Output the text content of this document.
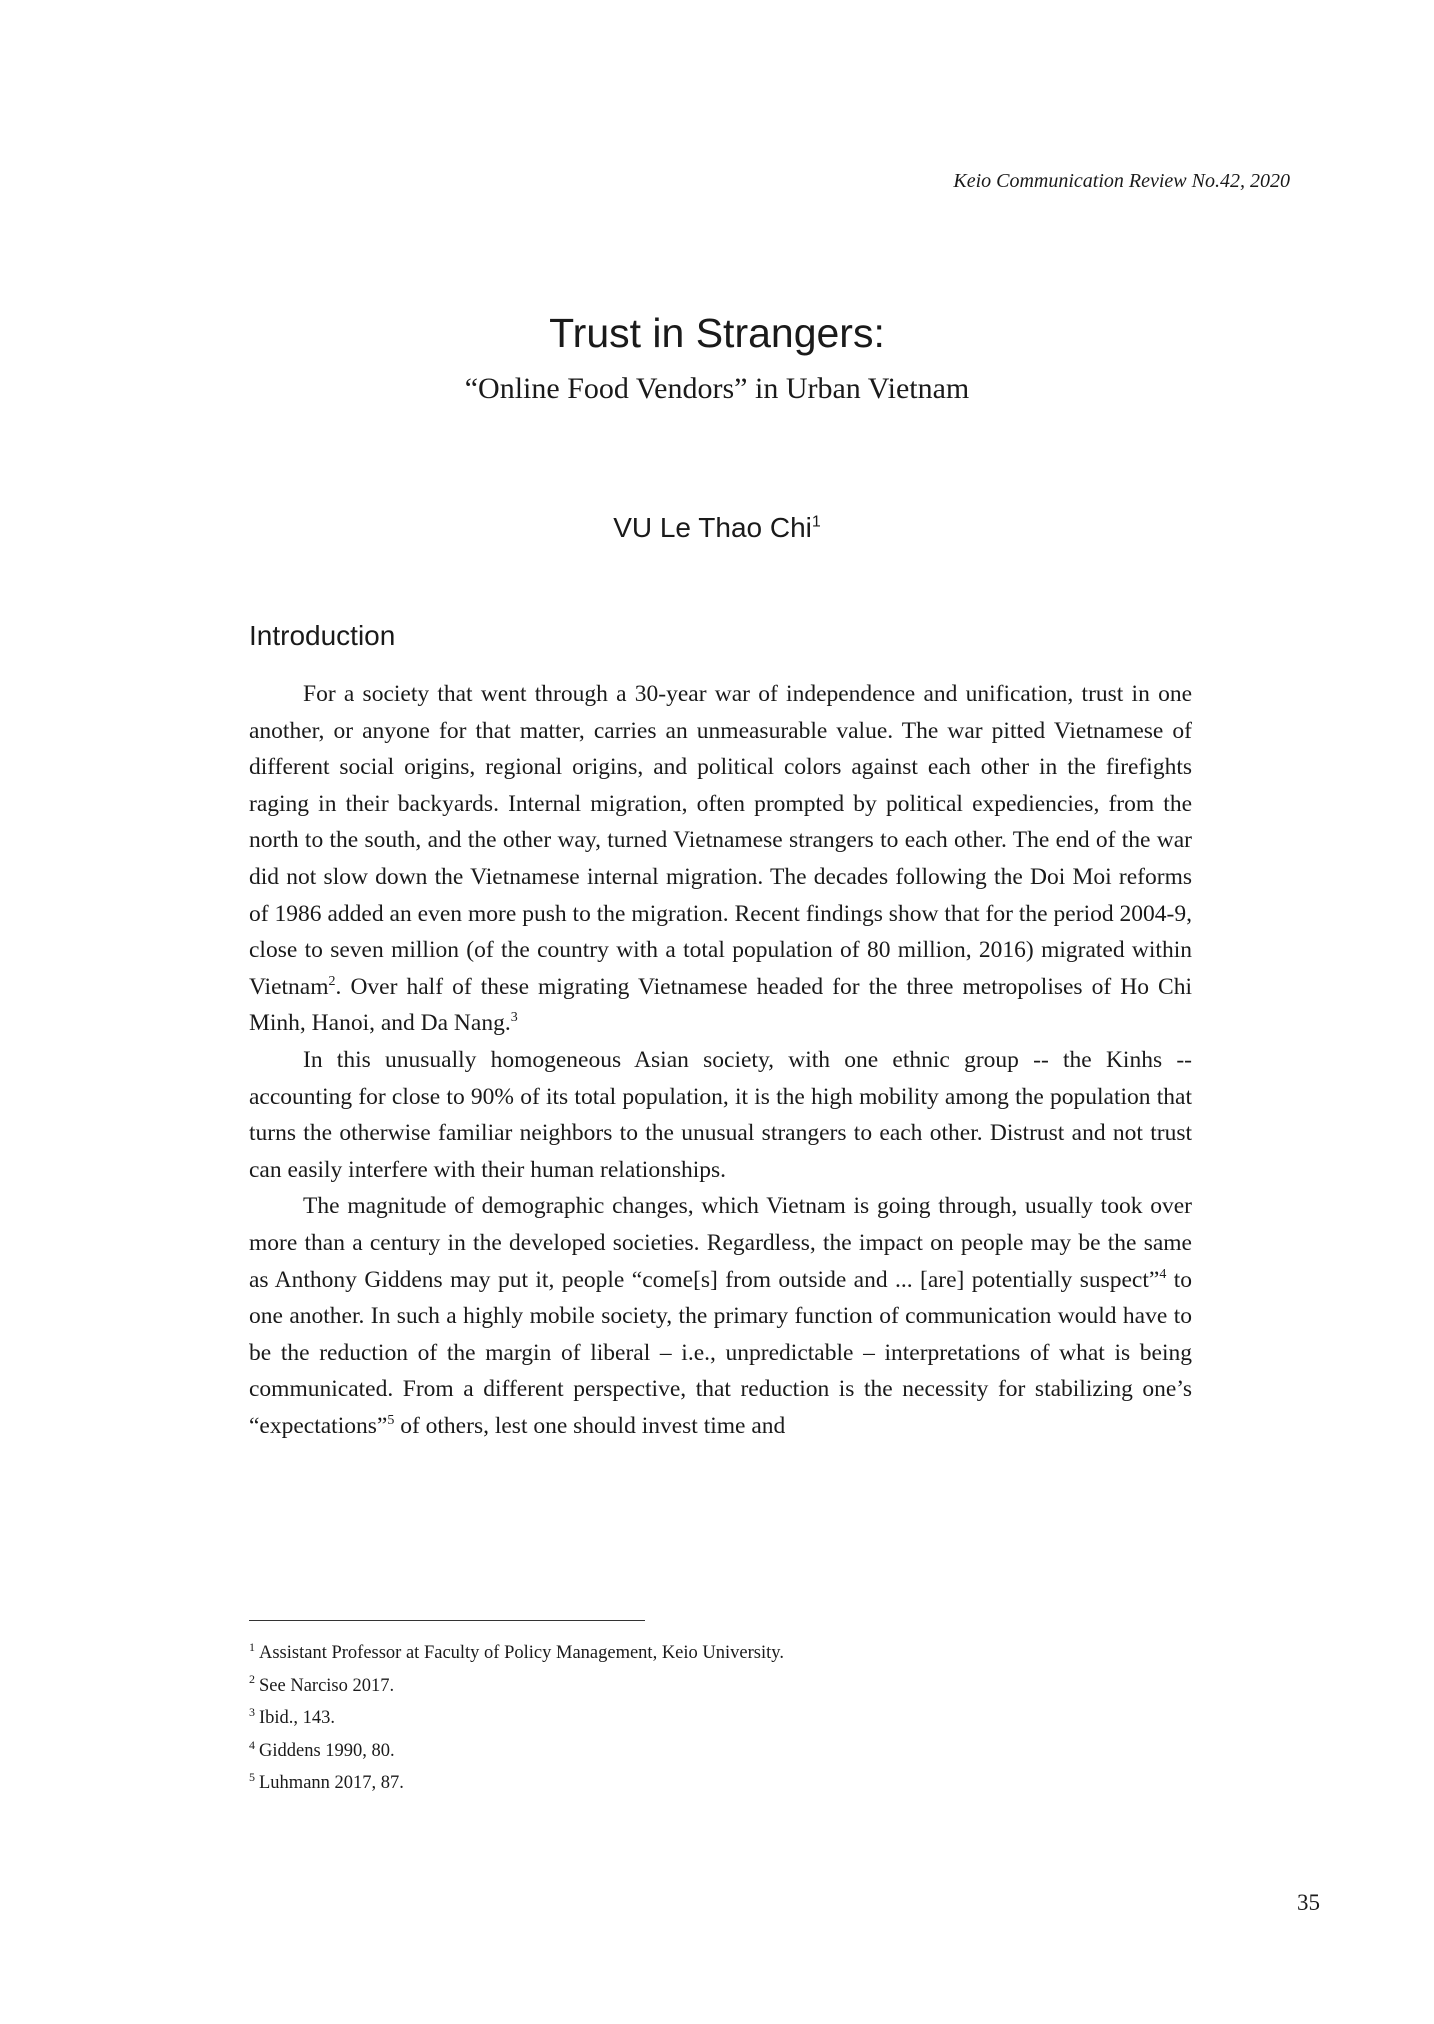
Keio Communication Review No.42, 2020
Trust in Strangers:
“Online Food Vendors” in Urban Vietnam
VU Le Thao Chi$^1$
Introduction

For a society that went through a 30-year war of independence and unification, trust in one another, or anyone for that matter, carries an unmeasurable value. The war pitted Vietnamese of different social origins, regional origins, and political colors against each other in the firefights raging in their backyards. Internal migration, often prompted by political expediencies, from the north to the south, and the other way, turned Vietnamese strangers to each other. The end of the war did not slow down the Vietnamese internal migration. The decades following the Doi Moi reforms of 1986 added an even more push to the migration. Recent findings show that for the period 2004-9, close to seven million (of the country with a total population of 80 million, 2016) migrated within Vietnam$^2$. Over half of these migrating Vietnamese headed for the three metropolises of Ho Chi Minh, Hanoi, and Da Nang.$^3$

In this unusually homogeneous Asian society, with one ethnic group -- the Kinhs -- accounting for close to 90% of its total population, it is the high mobility among the population that turns the otherwise familiar neighbors to the unusual strangers to each other. Distrust and not trust can easily interfere with their human relationships.

The magnitude of demographic changes, which Vietnam is going through, usually took over more than a century in the developed societies. Regardless, the impact on people may be the same as Anthony Giddens may put it, people “come[s] from outside and ... [are] potentially suspect”$^4$ to one another. In such a highly mobile society, the primary function of communication would have to be the reduction of the margin of liberal – i.e., unpredictable – interpretations of what is being communicated. From a different perspective, that reduction is the necessity for stabilizing one’s “expectations”$^5$ of others, lest one should invest time and

$^1$ Assistant Professor at Faculty of Policy Management, Keio University.
$^2$ See Narciso 2017.
$^3$ Ibid., 143.
$^4$ Giddens 1990, 80.
$^5$ Luhmann 2017, 87.
35
